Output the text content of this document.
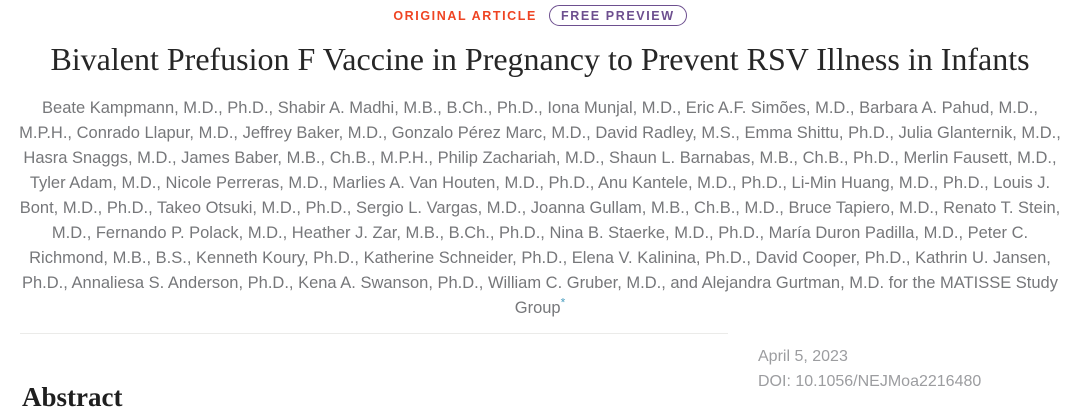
ORIGINAL ARTICLE	FREE PREVIEW
Bivalent Prefusion F Vaccine in Pregnancy to Prevent RSV Illness in Infants

Beate Kampmann, M.D., Ph.D., Shabir A. Madhi, M.B., B.Ch., Ph.D., Iona Munjal, M.D., Eric A.F. Simões, M.D., Barbara A. Pahud, M.D., M.P.H., Conrado Llapur, M.D., Jeffrey Baker, M.D., Gonzalo Pérez Marc, M.D., David Radley, M.S., Emma Shittu, Ph.D., Julia Glanternik, M.D., Hasra Snaggs, M.D., James Baber, M.B., Ch.B., M.P.H., Philip Zachariah, M.D., Shaun L. Barnabas, M.B., Ch.B., Ph.D., Merlin Fausett, M.D., Tyler Adam, M.D., Nicole Perreras, M.D., Marlies A. Van Houten, M.D., Ph.D., Anu Kantele, M.D., Ph.D., Li-Min Huang, M.D., Ph.D., Louis J. Bont, M.D., Ph.D., Takeo Otsuki, M.D., Ph.D., Sergio L. Vargas, M.D., Joanna Gullam, M.B., Ch.B., M.D., Bruce Tapiero, M.D., Renato T. Stein, M.D., Fernando P. Polack, M.D., Heather J. Zar, M.B., B.Ch., Ph.D., Nina B. Staerke, M.D., Ph.D., María Duron Padilla, M.D., Peter C. Richmond, M.B., B.S., Kenneth Koury, Ph.D., Katherine Schneider, Ph.D., Elena V. Kalinina, Ph.D., David Cooper, Ph.D., Kathrin U. Jansen, Ph.D., Annaliesa S. Anderson, Ph.D., Kena A. Swanson, Ph.D., William C. Gruber, M.D., and Alejandra Gurtman, M.D. for the MATISSE Study Group*

April 5, 2023

DOI: 10.1056/NEJMoa2216480

Abstract
